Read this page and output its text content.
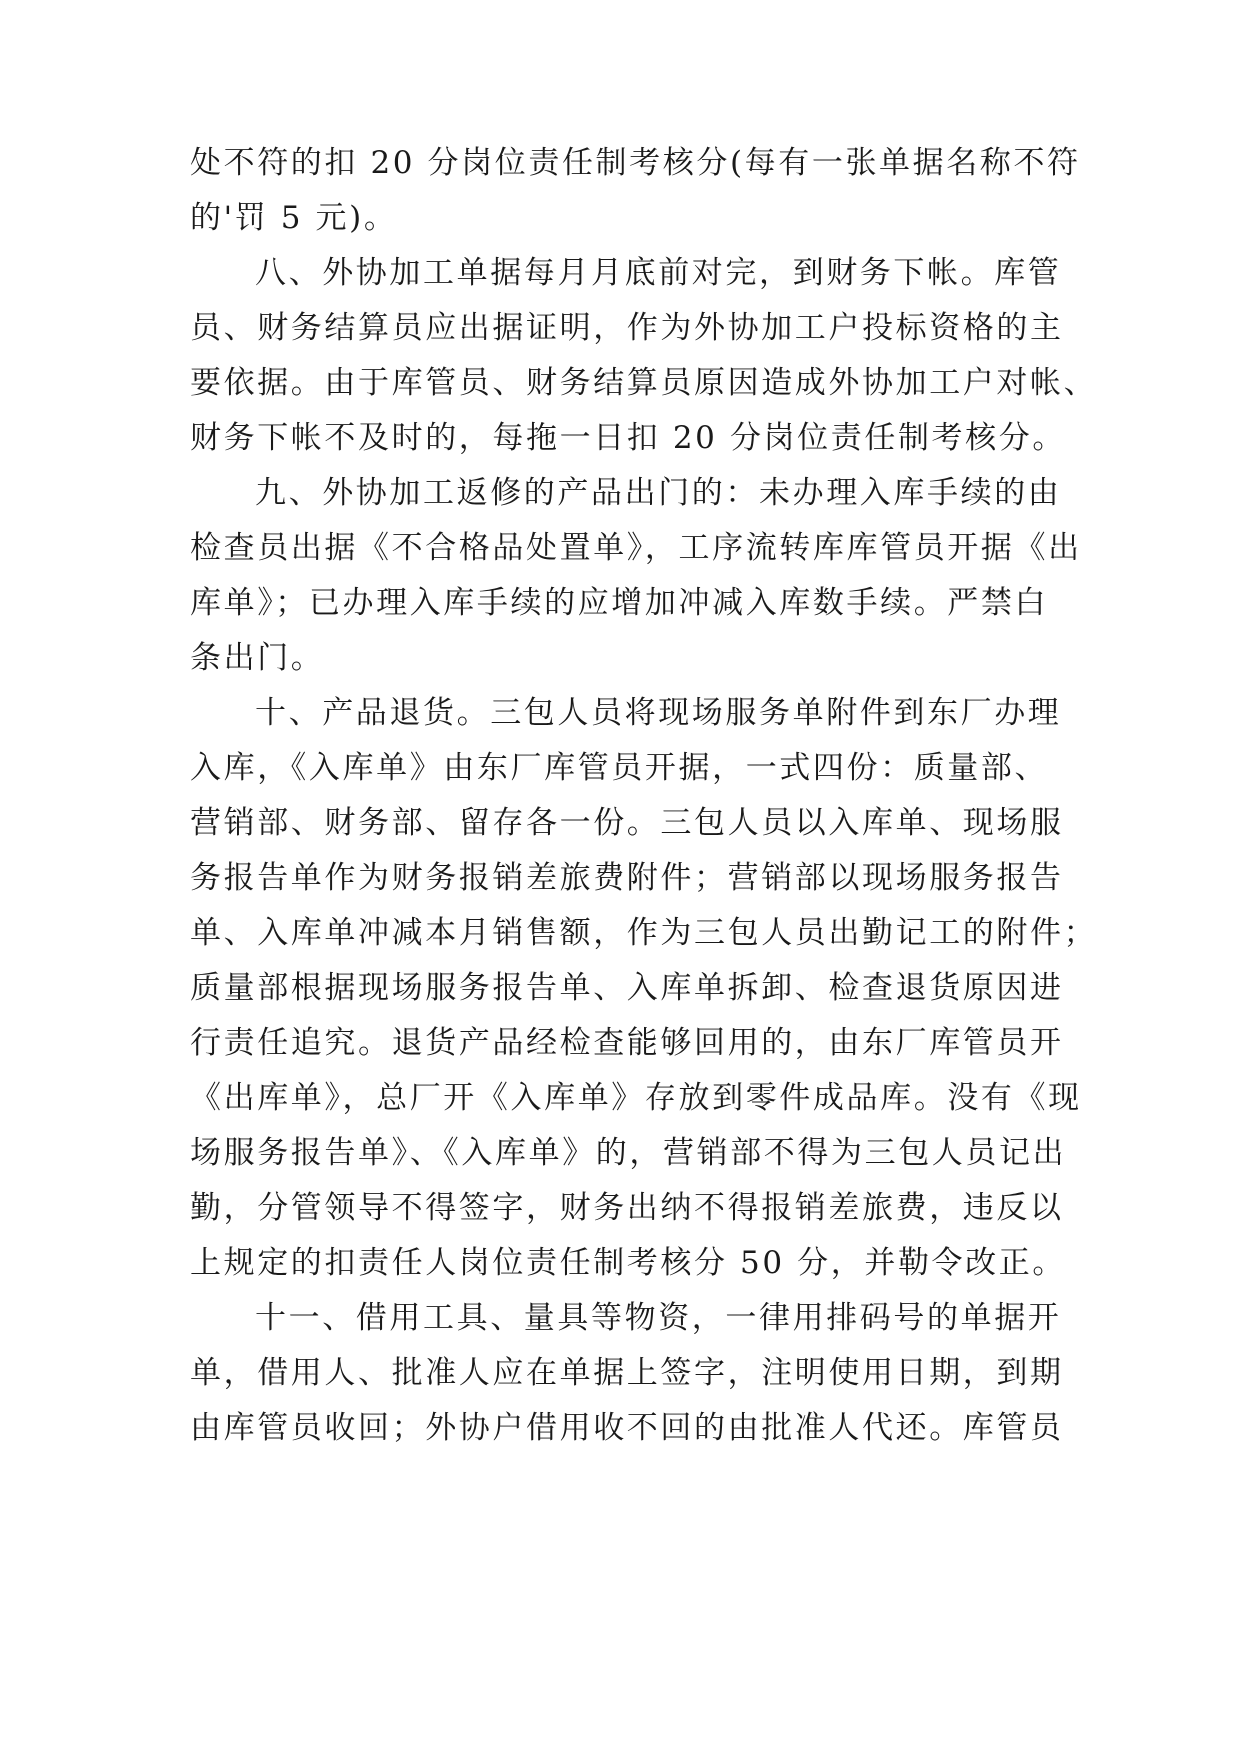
处不符的扣 20 分岗位责任制考核分(每有一张单据名称不符
的'罚 5 元)。
八、外协加工单据每月月底前对完，到财务下帐。库管
员、财务结算员应出据证明，作为外协加工户投标资格的主
要依据。由于库管员、财务结算员原因造成外协加工户对帐、
财务下帐不及时的，每拖一日扣 20 分岗位责任制考核分。
九、外协加工返修的产品出门的：未办理入库手续的由
检查员出据《不合格品处置单》，工序流转库库管员开据《出
库单》；已办理入库手续的应增加冲减入库数手续。严禁白
条出门。
十、产品退货。三包人员将现场服务单附件到东厂办理
入库，《入库单》由东厂库管员开据，一式四份：质量部、
营销部、财务部、留存各一份。三包人员以入库单、现场服
务报告单作为财务报销差旅费附件；营销部以现场服务报告
单、入库单冲减本月销售额，作为三包人员出勤记工的附件；
质量部根据现场服务报告单、入库单拆卸、检查退货原因进
行责任追究。退货产品经检查能够回用的，由东厂库管员开
《出库单》，总厂开《入库单》存放到零件成品库。没有《现
场服务报告单》、《入库单》的，营销部不得为三包人员记出
勤，分管领导不得签字，财务出纳不得报销差旅费，违反以
上规定的扣责任人岗位责任制考核分 50 分，并勒令改正。
十一、借用工具、量具等物资，一律用排码号的单据开
单，借用人、批准人应在单据上签字，注明使用日期，到期
由库管员收回；外协户借用收不回的由批准人代还。库管员
